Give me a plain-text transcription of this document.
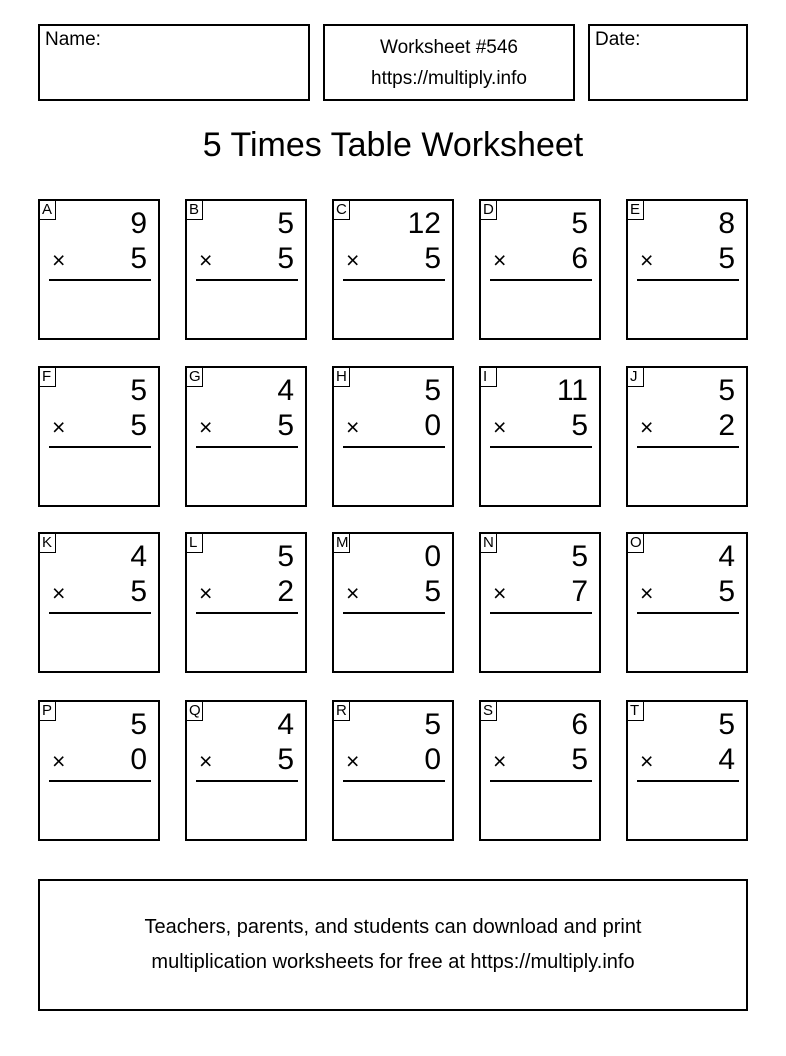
Name:	Worksheet #546
https://multiply.info
Date:
5 Times Table Worksheet
A	9
× 5
B	5
× 5
C 12
× 5
D	5
× 6
E	8
× 5
F	5
× 5
G	4
× 5
H	5
× 0
I	11
× 5
J	5
× 2
K	4
× 5
L	5
× 2
M	0
× 5
N	5
× 7
O	4
× 5
P	5
× 0
Q	4
× 5
R	5
× 0
S	6
× 5
T	5
× 4
Teachers, parents, and students can download and print
multiplication worksheets for free at https://multiply.info
